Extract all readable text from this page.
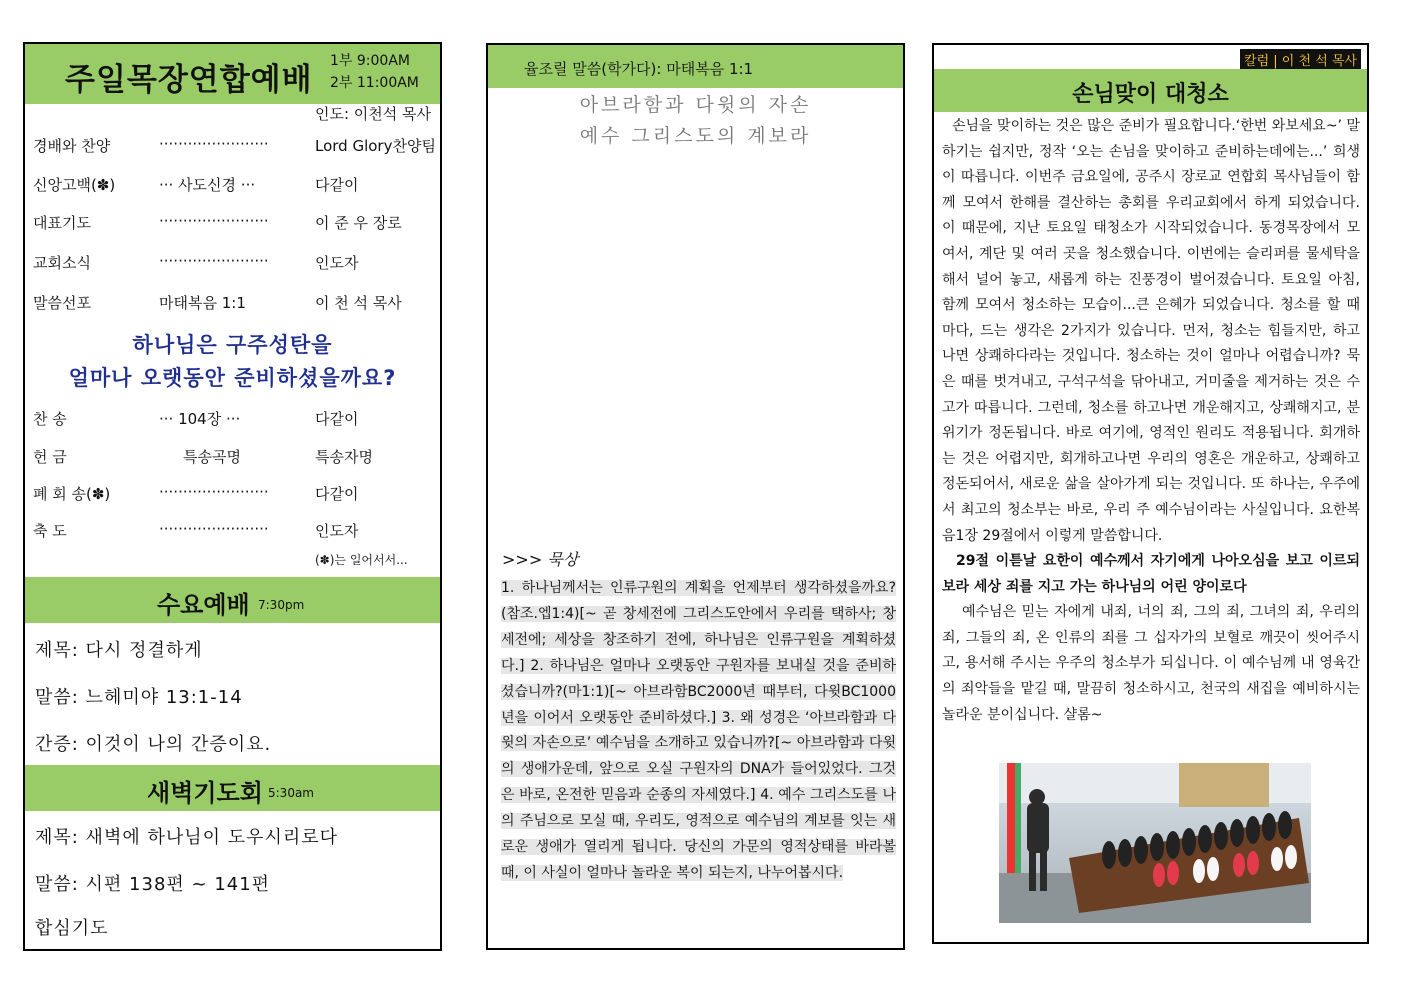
주일목장연합예배
1부 9:00AM
2부 11:00AM
인도: 이천석 목사
경배와 찬양	·······················	Lord Glory찬양팀
신앙고백(✽)	··· 사도신경 ···	다같이
대표기도	·······················	이 준 우 장로
교회소식	·······················	인도자
말씀선포	마태복음 1:1	이 천 석 목사
하나님은 구주성탄을
얼마나 오랫동안 준비하셨을까요?
찬 송	··· 104장 ···	다같이
헌 금	특송곡명	특송자명
폐 회 송(✽)	·······················	다같이
축 도	·······················	인도자
(✽)는 일어서서...
수요예배 7:30pm
제목: 다시 정결하게
말씀: 느헤미야 13:1-14
간증: 이것이 나의 간증이요.
새벽기도회 5:30am
제목: 새벽에 하나님이 도우시리로다
말씀: 시편 138편 ~ 141편
합심기도
율조릴 말씀(학가다): 마태복음 1:1
아브라함과 다윗의 자손
예수 그리스도의 계보라
>>> 묵상
1. 하나님께서는 인류구원의 계획을 언제부터 생각하셨을까요?(참조.엡1:4)[~ 곧 창세전에 그리스도안에서 우리를 택하사; 창세전에; 세상을 창조하기 전에, 하나님은 인류구원을 계획하셨다.] 2. 하나님은 얼마나 오랫동안 구원자를 보내실 것을 준비하셨습니까?(마1:1)[~ 아브라함BC2000년 때부터, 다윗BC1000년을 이어서 오랫동안 준비하셨다.] 3. 왜 성경은 ‘아브라함과 다윗의 자손으로’ 예수님을 소개하고 있습니까?[~ 아브라함과 다윗의 생애가운데, 앞으로 오실 구원자의 DNA가 들어있었다. 그것은 바로, 온전한 믿음과 순종의 자세였다.] 4. 예수 그리스도를 나의 주님으로 모실 때, 우리도, 영적으로 예수님의 계보를 잇는 새로운 생애가 열리게 됩니다. 당신의 가문의 영적상태를 바라볼 때, 이 사실이 얼마나 놀라운 복이 되는지, 나누어봅시다.
칼럼 | 이 천 석 목사
손님맞이 대청소

손님을 맞이하는 것은 많은 준비가 필요합니다.‘한번 와보세요~’ 말하기는 쉽지만, 정작 ‘오는 손님을 맞이하고 준비하는데에는...’ 희생이 따릅니다. 이번주 금요일에, 공주시 장로교 연합회 목사님들이 함께 모여서 한해를 결산하는 총회를 우리교회에서 하게 되었습니다. 이 때문에, 지난 토요일 태청소가 시작되었습니다. 동경목장에서 모여서, 계단 및 여러 곳을 청소했습니다. 이번에는 슬리퍼를 물세탁을 해서 널어 놓고, 새롭게 하는 진풍경이 벌어졌습니다. 토요일 아침, 함께 모여서 청소하는 모습이...큰 은혜가 되었습니다. 청소를 할 때마다, 드는 생각은 2가지가 있습니다. 먼저, 청소는 힘들지만, 하고 나면 상쾌하다라는 것입니다. 청소하는 것이 얼마나 어렵습니까? 묵은 때를 벗겨내고, 구석구석을 닦아내고, 거미줄을 제거하는 것은 수고가 따릅니다. 그런데, 청소를 하고나면 개운해지고, 상쾌해지고, 분위기가 정돈됩니다. 바로 여기에, 영적인 원리도 적용됩니다. 회개하는 것은 어렵지만, 회개하고나면 우리의 영혼은 개운하고, 상쾌하고 정돈되어서, 새로운 삶을 살아가게 되는 것입니다. 또 하나는, 우주에서 최고의 청소부는 바로, 우리 주 예수님이라는 사실입니다. 요한복음1장 29절에서 이렇게 말씀합니다.

29절 이튿날 요한이 예수께서 자기에게 나아오심을 보고 이르되 보라 세상 죄를 지고 가는 하나님의 어린 양이로다

예수님은 믿는 자에게 내죄, 너의 죄, 그의 죄, 그녀의 죄, 우리의 죄, 그들의 죄, 온 인류의 죄를 그 십자가의 보혈로 깨끗이 씻어주시고, 용서해 주시는 우주의 청소부가 되십니다. 이 예수님께 내 영육간의 죄악들을 맡길 때, 말끔히 청소하시고, 천국의 새집을 예비하시는 놀라운 분이십니다. 샬롬~
